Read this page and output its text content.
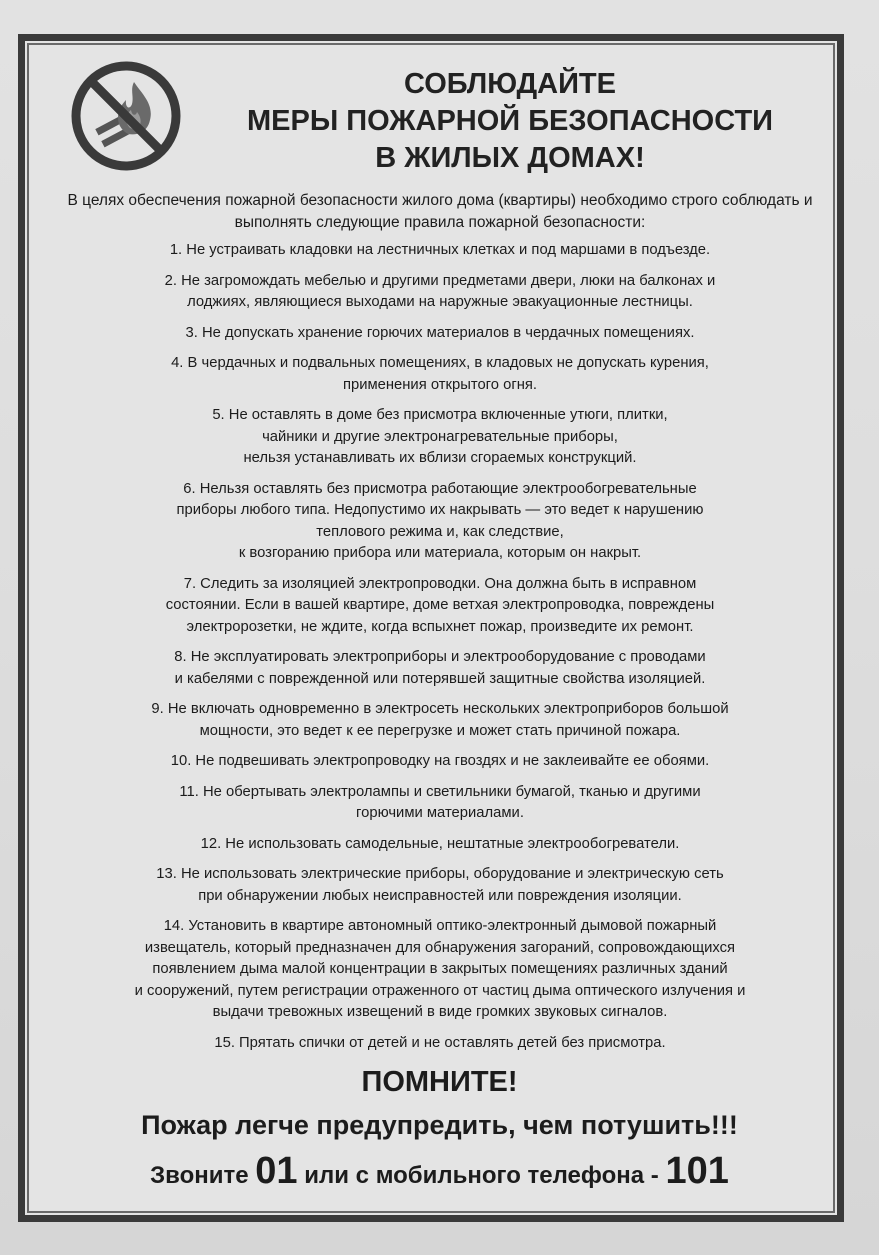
СОБЛЮДАЙТЕ
МЕРЫ ПОЖАРНОЙ БЕЗОПАСНОСТИ
В ЖИЛЫХ ДОМАХ!

В целях обеспечения пожарной безопасности жилого дома (квартиры) необходимо строго соблюдать и выполнять следующие правила пожарной безопасности:

1. Не устраивать кладовки на лестничных клетках и под маршами в подъезде.
2. Не загромождать мебелью и другими предметами двери, люки на балконах и
лоджиях, являющиеся выходами на наружные эвакуационные лестницы.
3. Не допускать хранение горючих материалов в чердачных помещениях.
4. В чердачных и подвальных помещениях, в кладовых не допускать курения,
применения открытого огня.
5. Не оставлять в доме без присмотра включенные утюги, плитки,
чайники и другие электронагревательные приборы,
нельзя устанавливать их вблизи сгораемых конструкций.
6. Нельзя оставлять без присмотра работающие электрообогревательные
приборы любого типа. Недопустимо их накрывать — это ведет к нарушению
теплового режима и, как следствие,
к возгоранию прибора или материала, которым он накрыт.
7. Следить за изоляцией электропроводки. Она должна быть в исправном
состоянии. Если в вашей квартире, доме ветхая электропроводка, повреждены
электророзетки, не ждите, когда вспыхнет пожар, произведите их ремонт.
8. Не эксплуатировать электроприборы и электрооборудование с проводами
и кабелями с поврежденной или потерявшей защитные свойства изоляцией.
9. Не включать одновременно в электросеть нескольких электроприборов большой
мощности, это ведет к ее перегрузке и может стать причиной пожара.
10. Не подвешивать электропроводку на гвоздях и не заклеивайте ее обоями.
11. Не обертывать электролампы и светильники бумагой, тканью и другими
горючими материалами.
12. Не использовать самодельные, нештатные электрообогреватели.
13. Не использовать электрические приборы, оборудование и электрическую сеть
при обнаружении любых неисправностей или повреждения изоляции.
14. Установить в квартире автономный оптико-электронный дымовой пожарный
извещатель, который предназначен для обнаружения загораний, сопровождающихся
появлением дыма малой концентрации в закрытых помещениях различных зданий
и сооружений, путем регистрации отраженного от частиц дыма оптического излучения и
выдачи тревожных извещений в виде громких звуковых сигналов.
15. Прятать спички от детей и не оставлять детей без присмотра.

ПОМНИТЕ!

Пожар легче предупредить, чем потушить!!!

Звоните 01 или с мобильного телефона - 101
